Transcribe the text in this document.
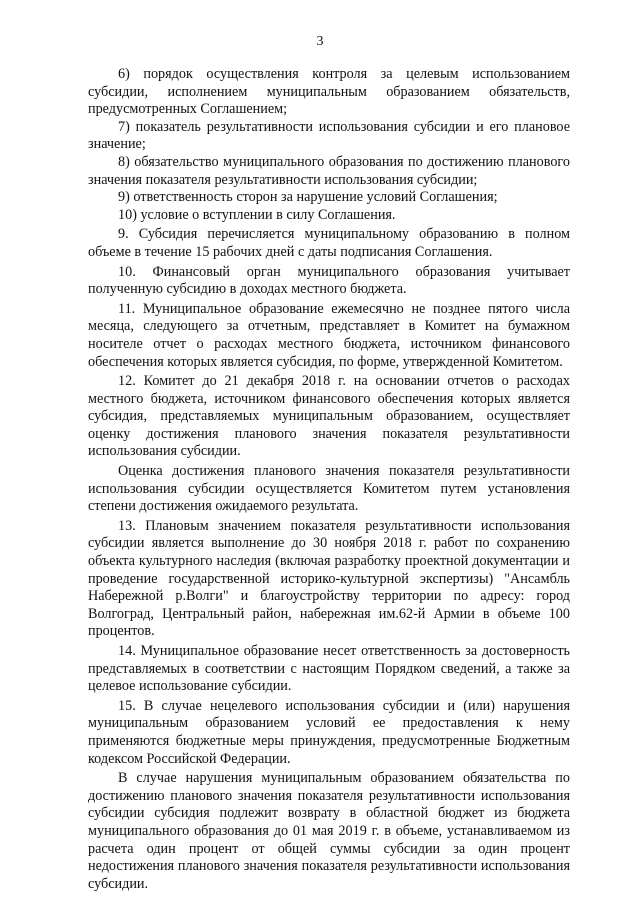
3

6) порядок осуществления контроля за целевым использованием субсидии, исполнением муниципальным образованием обязательств, предусмотренных Соглашением;

7) показатель результативности использования субсидии и его плановое значение;

8) обязательство муниципального образования по достижению планового значения показателя результативности использования субсидии;

9) ответственность сторон за нарушение условий Соглашения;

10) условие о вступлении в силу Соглашения.

9. Субсидия перечисляется муниципальному образованию в полном объеме в течение 15 рабочих дней с даты подписания Соглашения.

10. Финансовый орган муниципального образования учитывает полученную субсидию в доходах местного бюджета.

11. Муниципальное образование ежемесячно не позднее пятого числа месяца, следующего за отчетным, представляет в Комитет на бумажном носителе отчет о расходах местного бюджета, источником финансового обеспечения которых является субсидия, по форме, утвержденной Комитетом.

12. Комитет до 21 декабря 2018 г. на основании отчетов о расходах местного бюджета, источником финансового обеспечения которых является субсидия, представляемых муниципальным образованием, осуществляет оценку достижения планового значения показателя результативности использования субсидии.

Оценка достижения планового значения показателя результативности использования субсидии осуществляется Комитетом путем установления степени достижения ожидаемого результата.

13. Плановым значением показателя результативности использования субсидии является выполнение до 30 ноября 2018 г. работ по сохранению объекта культурного наследия (включая разработку проектной документации и проведение государственной историко-культурной экспертизы) "Ансамбль Набережной р.Волги" и благоустройству территории по адресу: город Волгоград, Центральный район, набережная им.62-й Армии в объеме 100 процентов.

14. Муниципальное образование несет ответственность за достоверность представляемых в соответствии с настоящим Порядком сведений, а также за целевое использование субсидии.

15. В случае нецелевого использования субсидии и (или) нарушения муниципальным образованием условий ее предоставления к нему применяются бюджетные меры принуждения, предусмотренные Бюджетным кодексом Российской Федерации.

В случае нарушения муниципальным образованием обязательства по достижению планового значения показателя результативности использования субсидии субсидия подлежит возврату в областной бюджет из бюджета муниципального образования до 01 мая 2019 г. в объеме, устанавливаемом из расчета один процент от общей суммы субсидии за один процент недостижения планового значения показателя результативности использования субсидии.
